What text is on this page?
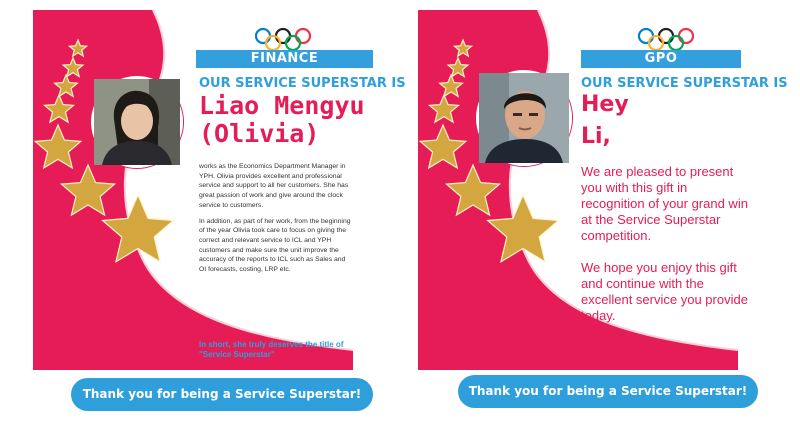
FINANCE
OUR SERVICE SUPERSTAR IS
Liao Mengyu
(Olivia)

works as the Economics Department Manager in YPH. Olivia provides excellent and professional service and support to all her customers. She has great passion of work and give around the clock service to customers.

In addition, as part of her work, from the beginning of the year Olivia took care to focus on giving the correct and relevant service to ICL and YPH customers and make sure the unit improve the accuracy of the reports to ICL such as Sales and OI forecasts, costing, LRP etc.

In short, she truly deserves the title of "Service Superstar"
Thank you for being a Service Superstar!
GPO
OUR SERVICE SUPERSTAR IS
Hey
Li,

We are pleased to present you with this gift in recognition of your grand win at the Service Superstar competition.

We hope you enjoy this gift and continue with the excellent service you provide today.

Thank you for being a Service Superstar!
